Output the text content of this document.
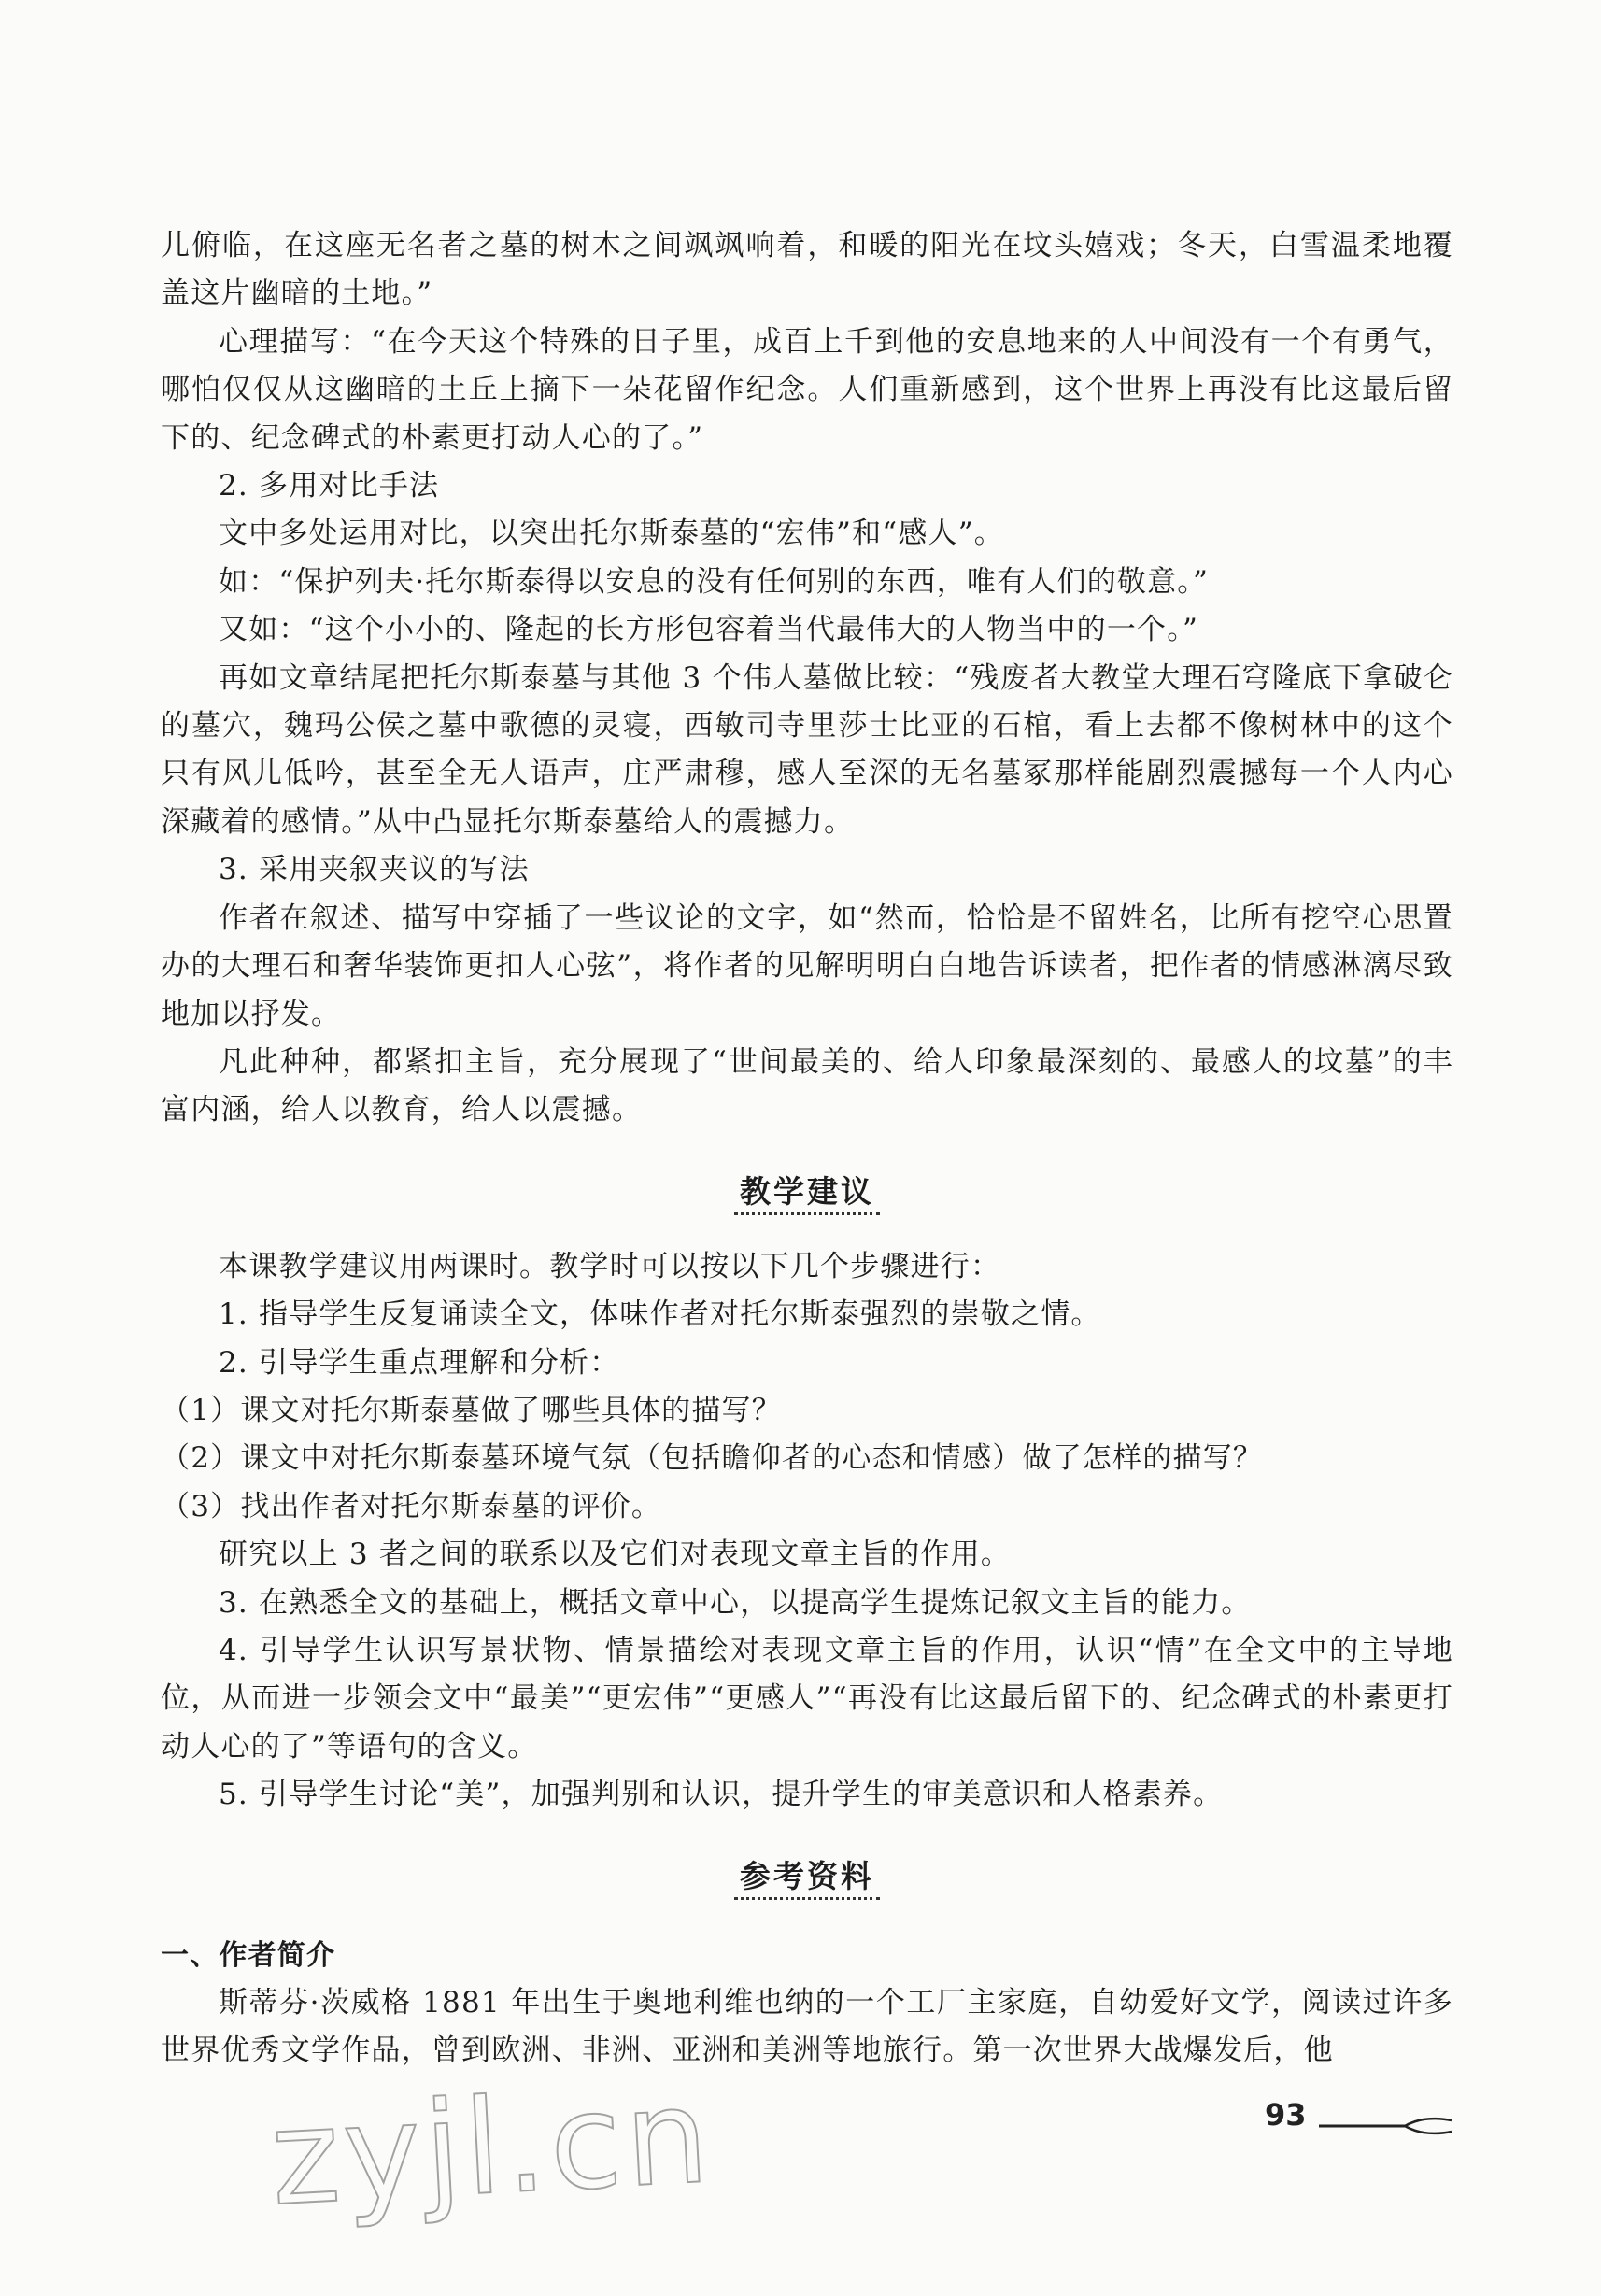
儿俯临，在这座无名者之墓的树木之间飒飒响着，和暖的阳光在坟头嬉戏；冬天，白雪温柔地覆盖这片幽暗的土地。”

心理描写：“在今天这个特殊的日子里，成百上千到他的安息地来的人中间没有一个有勇气，哪怕仅仅从这幽暗的土丘上摘下一朵花留作纪念。人们重新感到，这个世界上再没有比这最后留下的、纪念碑式的朴素更打动人心的了。”

2. 多用对比手法

文中多处运用对比，以突出托尔斯泰墓的“宏伟”和“感人”。

如：“保护列夫·托尔斯泰得以安息的没有任何别的东西，唯有人们的敬意。”

又如：“这个小小的、隆起的长方形包容着当代最伟大的人物当中的一个。”

再如文章结尾把托尔斯泰墓与其他 3 个伟人墓做比较：“残废者大教堂大理石穹隆底下拿破仑的墓穴，魏玛公侯之墓中歌德的灵寝，西敏司寺里莎士比亚的石棺，看上去都不像树林中的这个只有风儿低吟，甚至全无人语声，庄严肃穆，感人至深的无名墓冢那样能剧烈震撼每一个人内心深藏着的感情。”从中凸显托尔斯泰墓给人的震撼力。

3. 采用夹叙夹议的写法

作者在叙述、描写中穿插了一些议论的文字，如“然而，恰恰是不留姓名，比所有挖空心思置办的大理石和奢华装饰更扣人心弦”，将作者的见解明明白白地告诉读者，把作者的情感淋漓尽致地加以抒发。

凡此种种，都紧扣主旨，充分展现了“世间最美的、给人印象最深刻的、最感人的坟墓”的丰富内涵，给人以教育，给人以震撼。

教学建议

本课教学建议用两课时。教学时可以按以下几个步骤进行：

1. 指导学生反复诵读全文，体味作者对托尔斯泰强烈的崇敬之情。

2. 引导学生重点理解和分析：

（1）课文对托尔斯泰墓做了哪些具体的描写？

（2）课文中对托尔斯泰墓环境气氛（包括瞻仰者的心态和情感）做了怎样的描写？

（3）找出作者对托尔斯泰墓的评价。

研究以上 3 者之间的联系以及它们对表现文章主旨的作用。

3. 在熟悉全文的基础上，概括文章中心，以提高学生提炼记叙文主旨的能力。

4. 引导学生认识写景状物、情景描绘对表现文章主旨的作用，认识“情”在全文中的主导地位，从而进一步领会文中“最美”“更宏伟”“更感人”“再没有比这最后留下的、纪念碑式的朴素更打动人心的了”等语句的含义。

5. 引导学生讨论“美”，加强判别和认识，提升学生的审美意识和人格素养。

参考资料

一、作者简介

斯蒂芬·茨威格 1881 年出生于奥地利维也纳的一个工厂主家庭，自幼爱好文学，阅读过许多世界优秀文学作品，曾到欧洲、非洲、亚洲和美洲等地旅行。第一次世界大战爆发后，他

zyjl.cn	93
